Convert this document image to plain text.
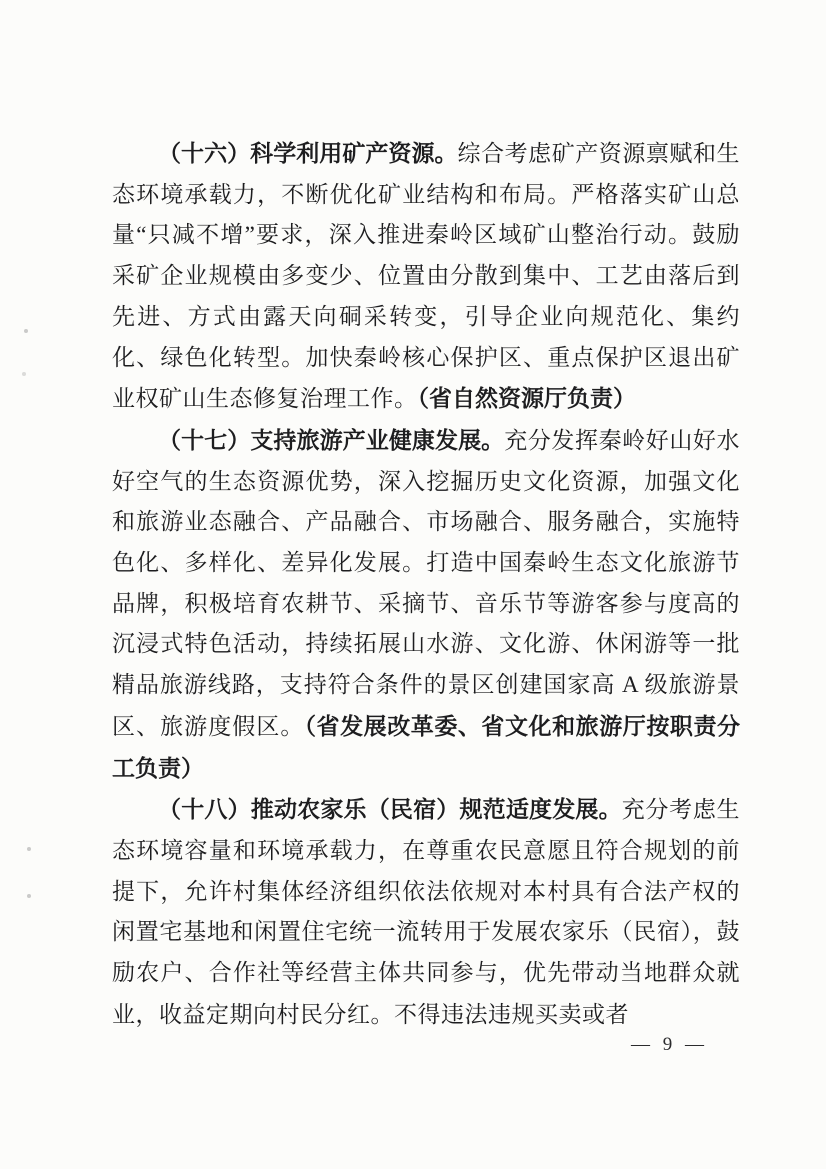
（十六）科学利用矿产资源。综合考虑矿产资源禀赋和生态环境承载力，不断优化矿业结构和布局。严格落实矿山总量“只减不增”要求，深入推进秦岭区域矿山整治行动。鼓励采矿企业规模由多变少、位置由分散到集中、工艺由落后到先进、方式由露天向硐采转变，引导企业向规范化、集约化、绿色化转型。加快秦岭核心保护区、重点保护区退出矿业权矿山生态修复治理工作。（省自然资源厅负责）

（十七）支持旅游产业健康发展。充分发挥秦岭好山好水好空气的生态资源优势，深入挖掘历史文化资源，加强文化和旅游业态融合、产品融合、市场融合、服务融合，实施特色化、多样化、差异化发展。打造中国秦岭生态文化旅游节品牌，积极培育农耕节、采摘节、音乐节等游客参与度高的沉浸式特色活动，持续拓展山水游、文化游、休闲游等一批精品旅游线路，支持符合条件的景区创建国家高 A 级旅游景区、旅游度假区。（省发展改革委、省文化和旅游厅按职责分工负责）

（十八）推动农家乐（民宿）规范适度发展。充分考虑生态环境容量和环境承载力，在尊重农民意愿且符合规划的前提下，允许村集体经济组织依法依规对本村具有合法产权的闲置宅基地和闲置住宅统一流转用于发展农家乐（民宿），鼓励农户、合作社等经营主体共同参与，优先带动当地群众就业，收益定期向村民分红。不得违法违规买卖或者

— 9 —
